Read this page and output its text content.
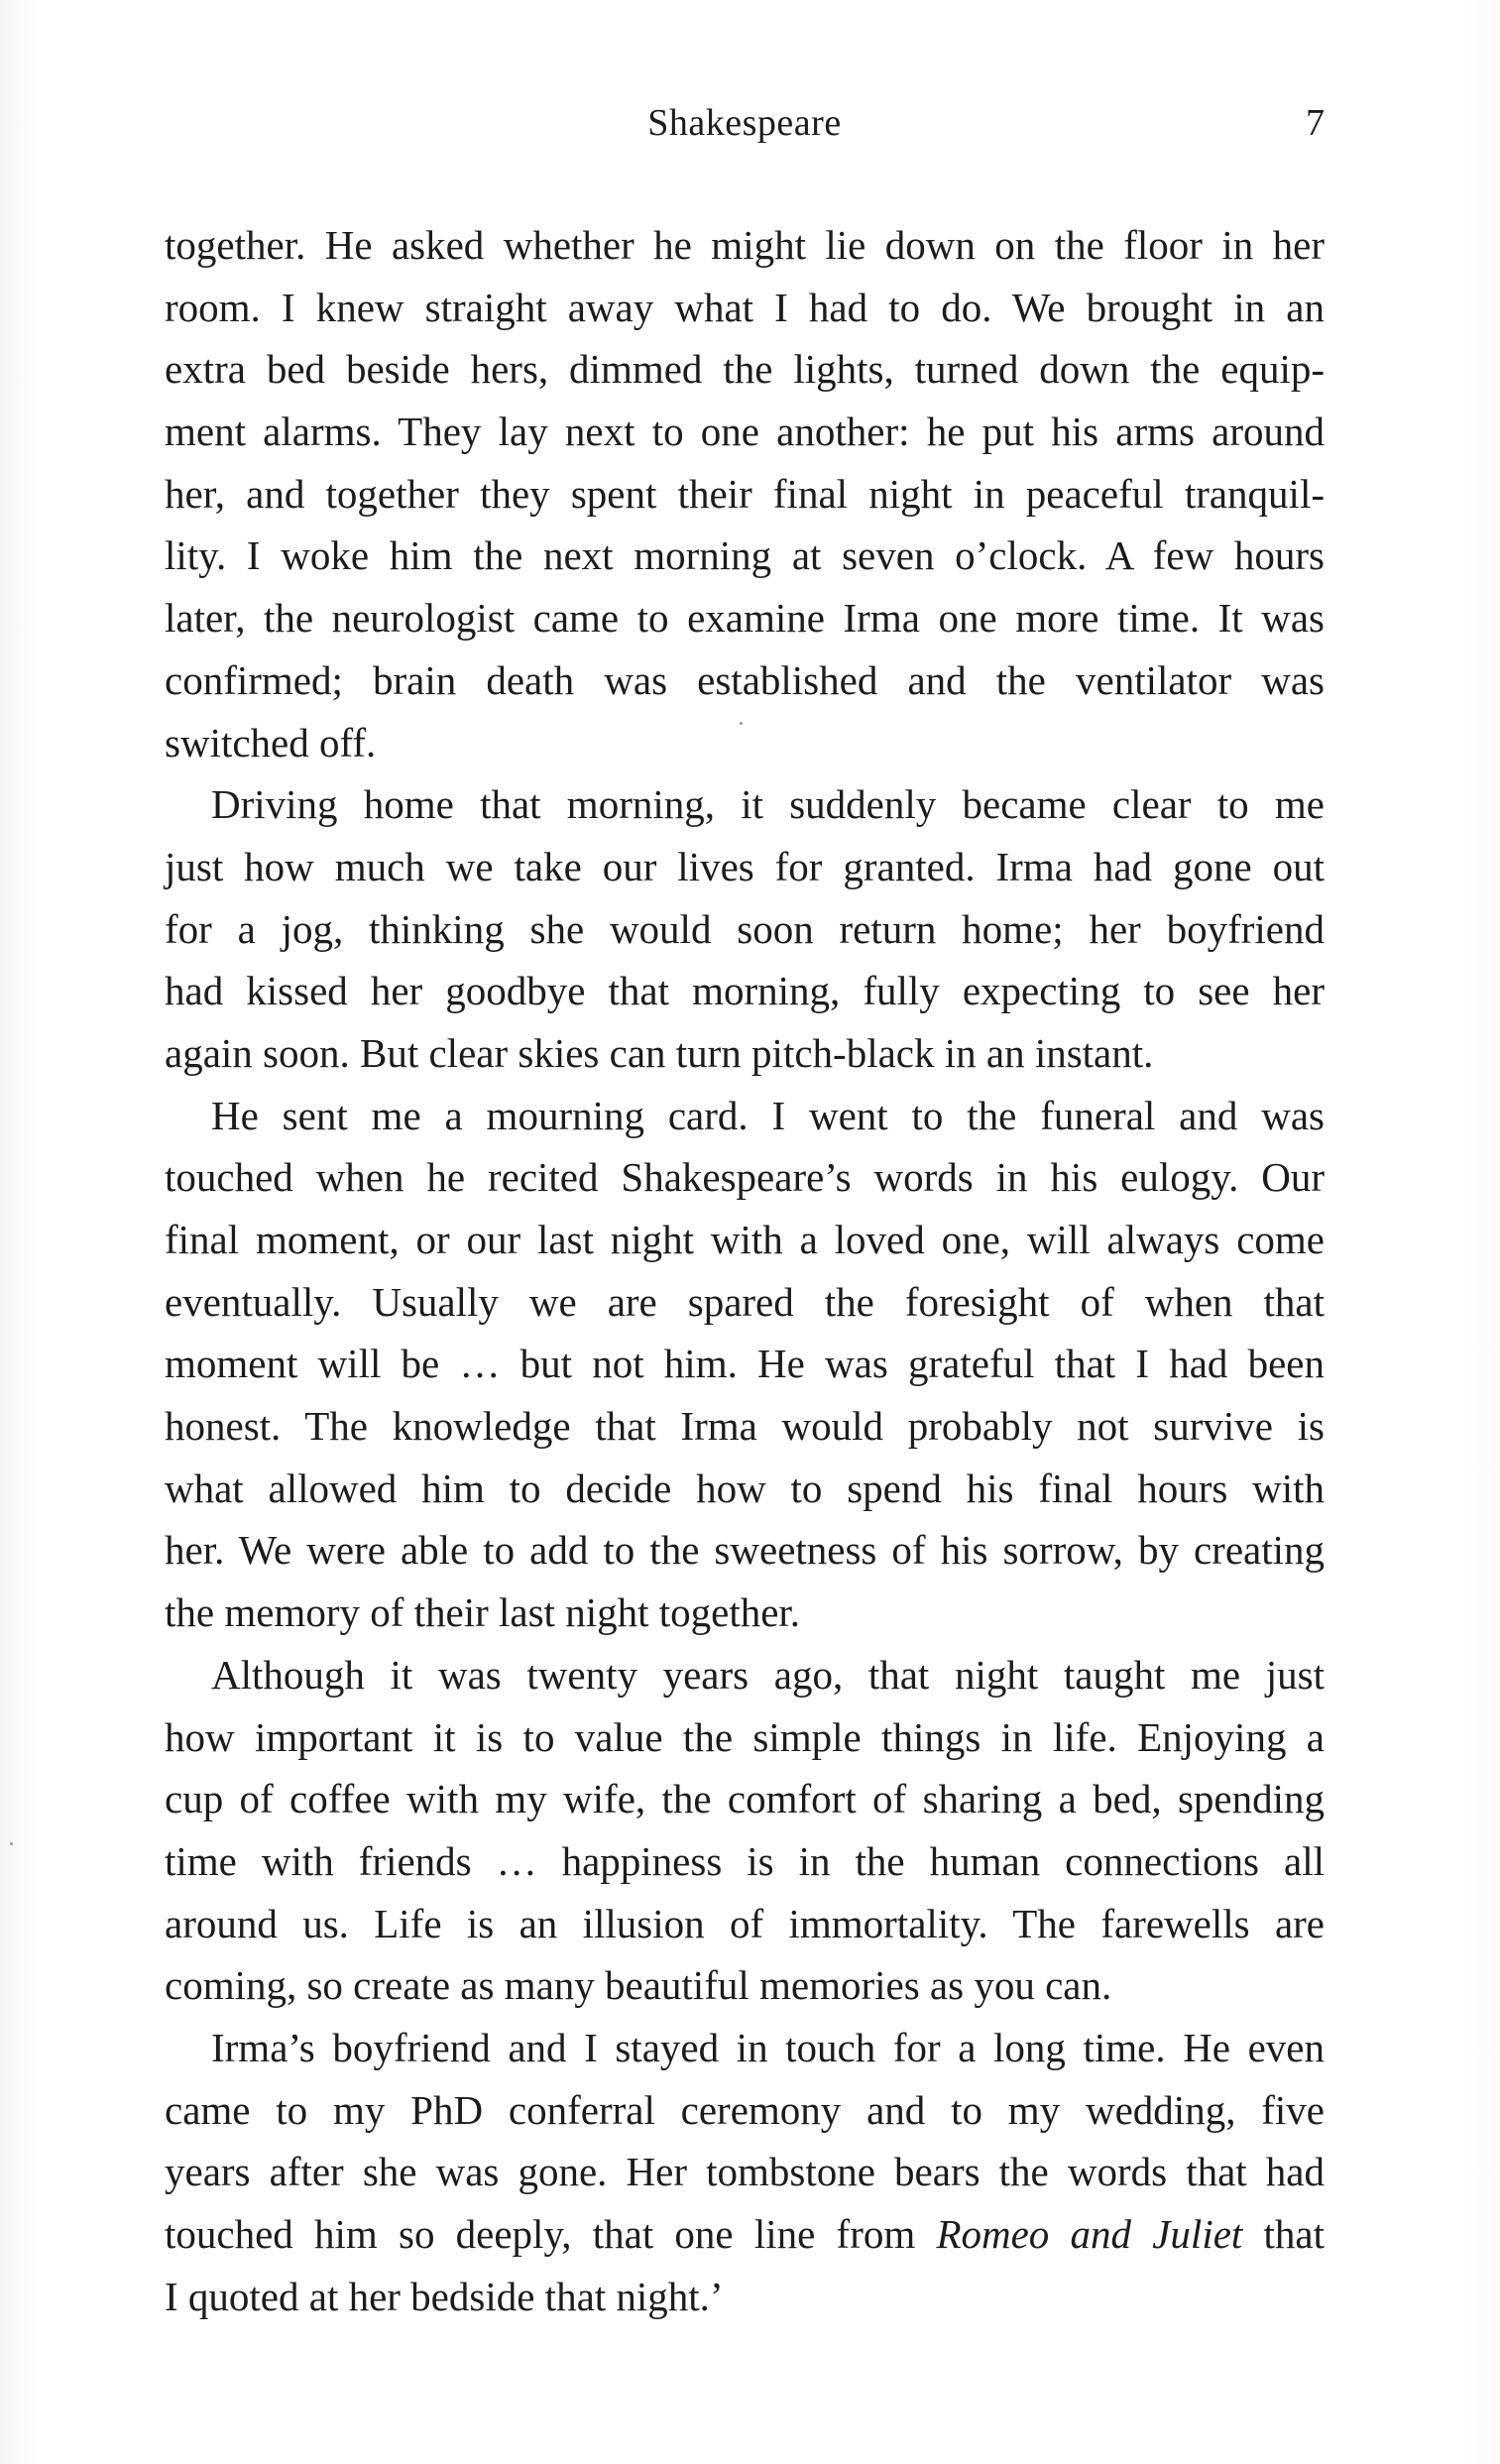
Shakespeare	7
together. He asked whether he might lie down on the floor in her
room. I knew straight away what I had to do. We brought in an
extra bed beside hers, dimmed the lights, turned down the equip-
ment alarms. They lay next to one another: he put his arms around
her, and together they spent their final night in peaceful tranquil-
lity. I woke him the next morning at seven o’clock. A few hours
later, the neurologist came to examine Irma one more time. It was
confirmed; brain death was established and the ventilator was
switched off.
Driving home that morning, it suddenly became clear to me
just how much we take our lives for granted. Irma had gone out
for a jog, thinking she would soon return home; her boyfriend
had kissed her goodbye that morning, fully expecting to see her
again soon. But clear skies can turn pitch-black in an instant.
He sent me a mourning card. I went to the funeral and was
touched when he recited Shakespeare’s words in his eulogy. Our
final moment, or our last night with a loved one, will always come
eventually. Usually we are spared the foresight of when that
moment will be … but not him. He was grateful that I had been
honest. The knowledge that Irma would probably not survive is
what allowed him to decide how to spend his final hours with
her. We were able to add to the sweetness of his sorrow, by creating
the memory of their last night together.
Although it was twenty years ago, that night taught me just
how important it is to value the simple things in life. Enjoying a
cup of coffee with my wife, the comfort of sharing a bed, spending
time with friends … happiness is in the human connections all
around us. Life is an illusion of immortality. The farewells are
coming, so create as many beautiful memories as you can.
Irma’s boyfriend and I stayed in touch for a long time. He even
came to my PhD conferral ceremony and to my wedding, five
years after she was gone. Her tombstone bears the words that had
touched him so deeply, that one line from Romeo and Juliet that
I quoted at her bedside that night.’
